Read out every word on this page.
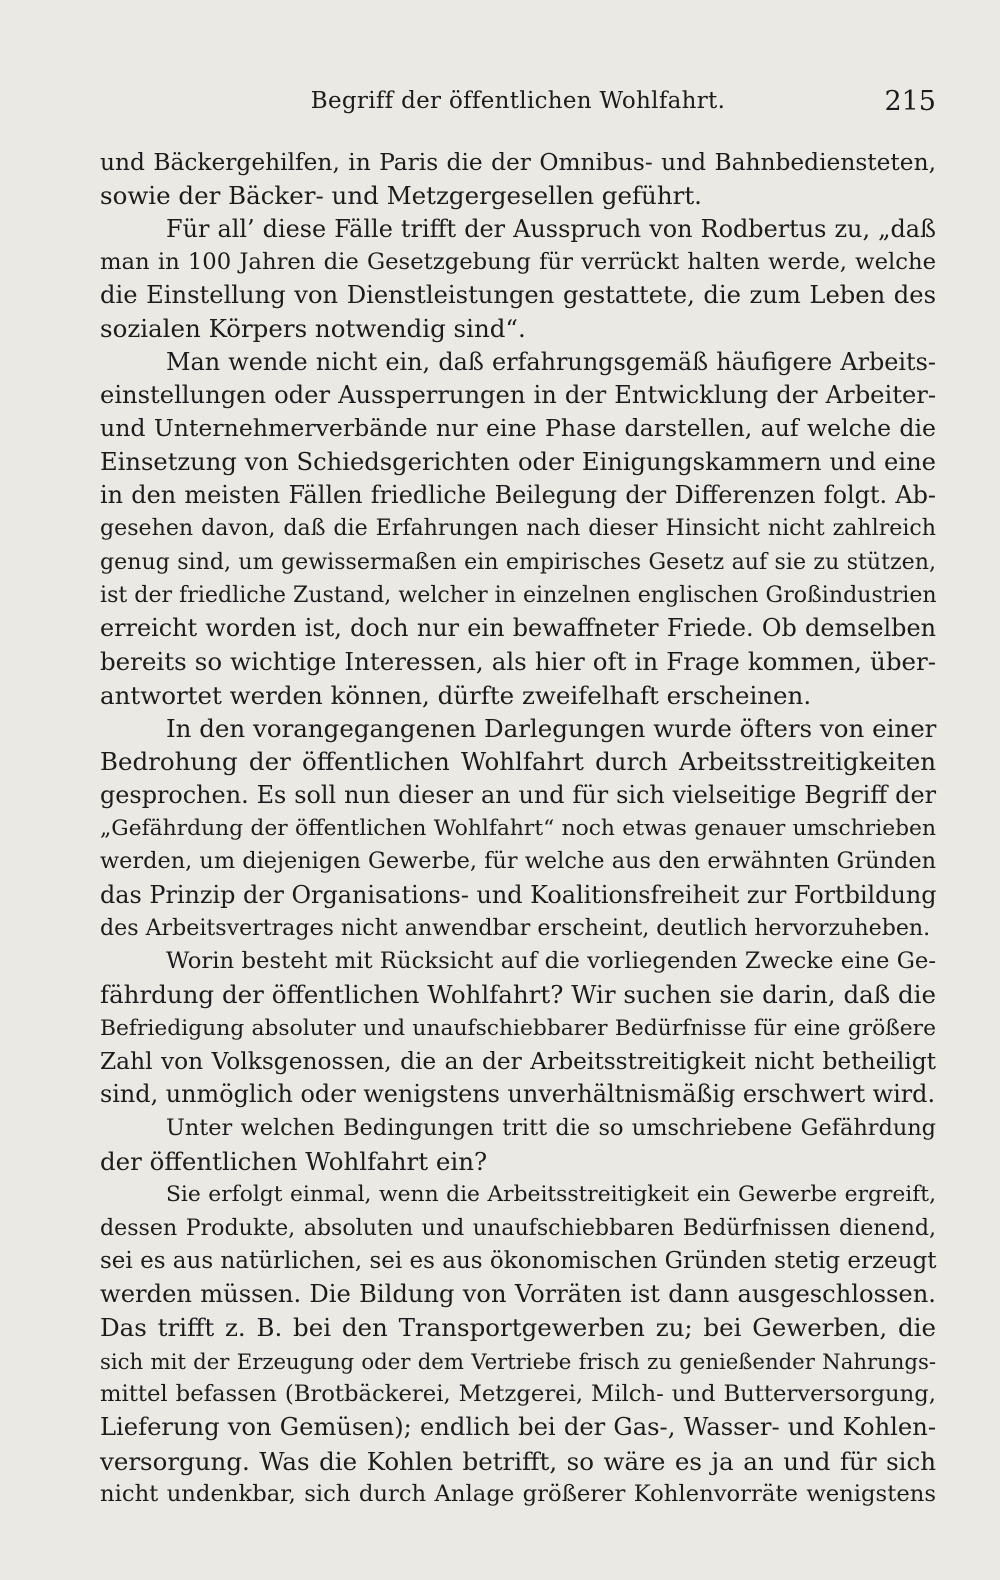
Begriff der öffentlichen Wohlfahrt.	215
und Bäckergehilfen, in Paris die der Omnibus- und Bahnbediensteten,
sowie der Bäcker- und Metzgergesellen geführt.
Für all’ diese Fälle trifft der Ausspruch von Rodbertus zu, „daß
man in 100 Jahren die Gesetzgebung für verrückt halten werde, welche
die Einstellung von Dienstleistungen gestattete, die zum Leben des
sozialen Körpers notwendig sind“.
Man wende nicht ein, daß erfahrungsgemäß häufigere Arbeits-
einstellungen oder Aussperrungen in der Entwicklung der Arbeiter-
und Unternehmerverbände nur eine Phase darstellen, auf welche die
Einsetzung von Schiedsgerichten oder Einigungskammern und eine
in den meisten Fällen friedliche Beilegung der Differenzen folgt. Ab-
gesehen davon, daß die Erfahrungen nach dieser Hinsicht nicht zahlreich
genug sind, um gewissermaßen ein empirisches Gesetz auf sie zu stützen,
ist der friedliche Zustand, welcher in einzelnen englischen Großindustrien
erreicht worden ist, doch nur ein bewaffneter Friede. Ob demselben
bereits so wichtige Interessen, als hier oft in Frage kommen, über-
antwortet werden können, dürfte zweifelhaft erscheinen.
In den vorangegangenen Darlegungen wurde öfters von einer
Bedrohung der öffentlichen Wohlfahrt durch Arbeitsstreitigkeiten
gesprochen. Es soll nun dieser an und für sich vielseitige Begriff der
„Gefährdung der öffentlichen Wohlfahrt“ noch etwas genauer umschrieben
werden, um diejenigen Gewerbe, für welche aus den erwähnten Gründen
das Prinzip der Organisations- und Koalitionsfreiheit zur Fortbildung
des Arbeitsvertrages nicht anwendbar erscheint, deutlich hervorzuheben.
Worin besteht mit Rücksicht auf die vorliegenden Zwecke eine Ge-
fährdung der öffentlichen Wohlfahrt? Wir suchen sie darin, daß die
Befriedigung absoluter und unaufschiebbarer Bedürfnisse für eine größere
Zahl von Volksgenossen, die an der Arbeitsstreitigkeit nicht betheiligt
sind, unmöglich oder wenigstens unverhältnismäßig erschwert wird.
Unter welchen Bedingungen tritt die so umschriebene Gefährdung
der öffentlichen Wohlfahrt ein?
Sie erfolgt einmal, wenn die Arbeitsstreitigkeit ein Gewerbe ergreift,
dessen Produkte, absoluten und unaufschiebbaren Bedürfnissen dienend,
sei es aus natürlichen, sei es aus ökonomischen Gründen stetig erzeugt
werden müssen. Die Bildung von Vorräten ist dann ausgeschlossen.
Das trifft z. B. bei den Transportgewerben zu; bei Gewerben, die
sich mit der Erzeugung oder dem Vertriebe frisch zu genießender Nahrungs-
mittel befassen (Brotbäckerei, Metzgerei, Milch- und Butterversorgung,
Lieferung von Gemüsen); endlich bei der Gas-, Wasser- und Kohlen-
versorgung. Was die Kohlen betrifft, so wäre es ja an und für sich
nicht undenkbar, sich durch Anlage größerer Kohlenvorräte wenigstens
